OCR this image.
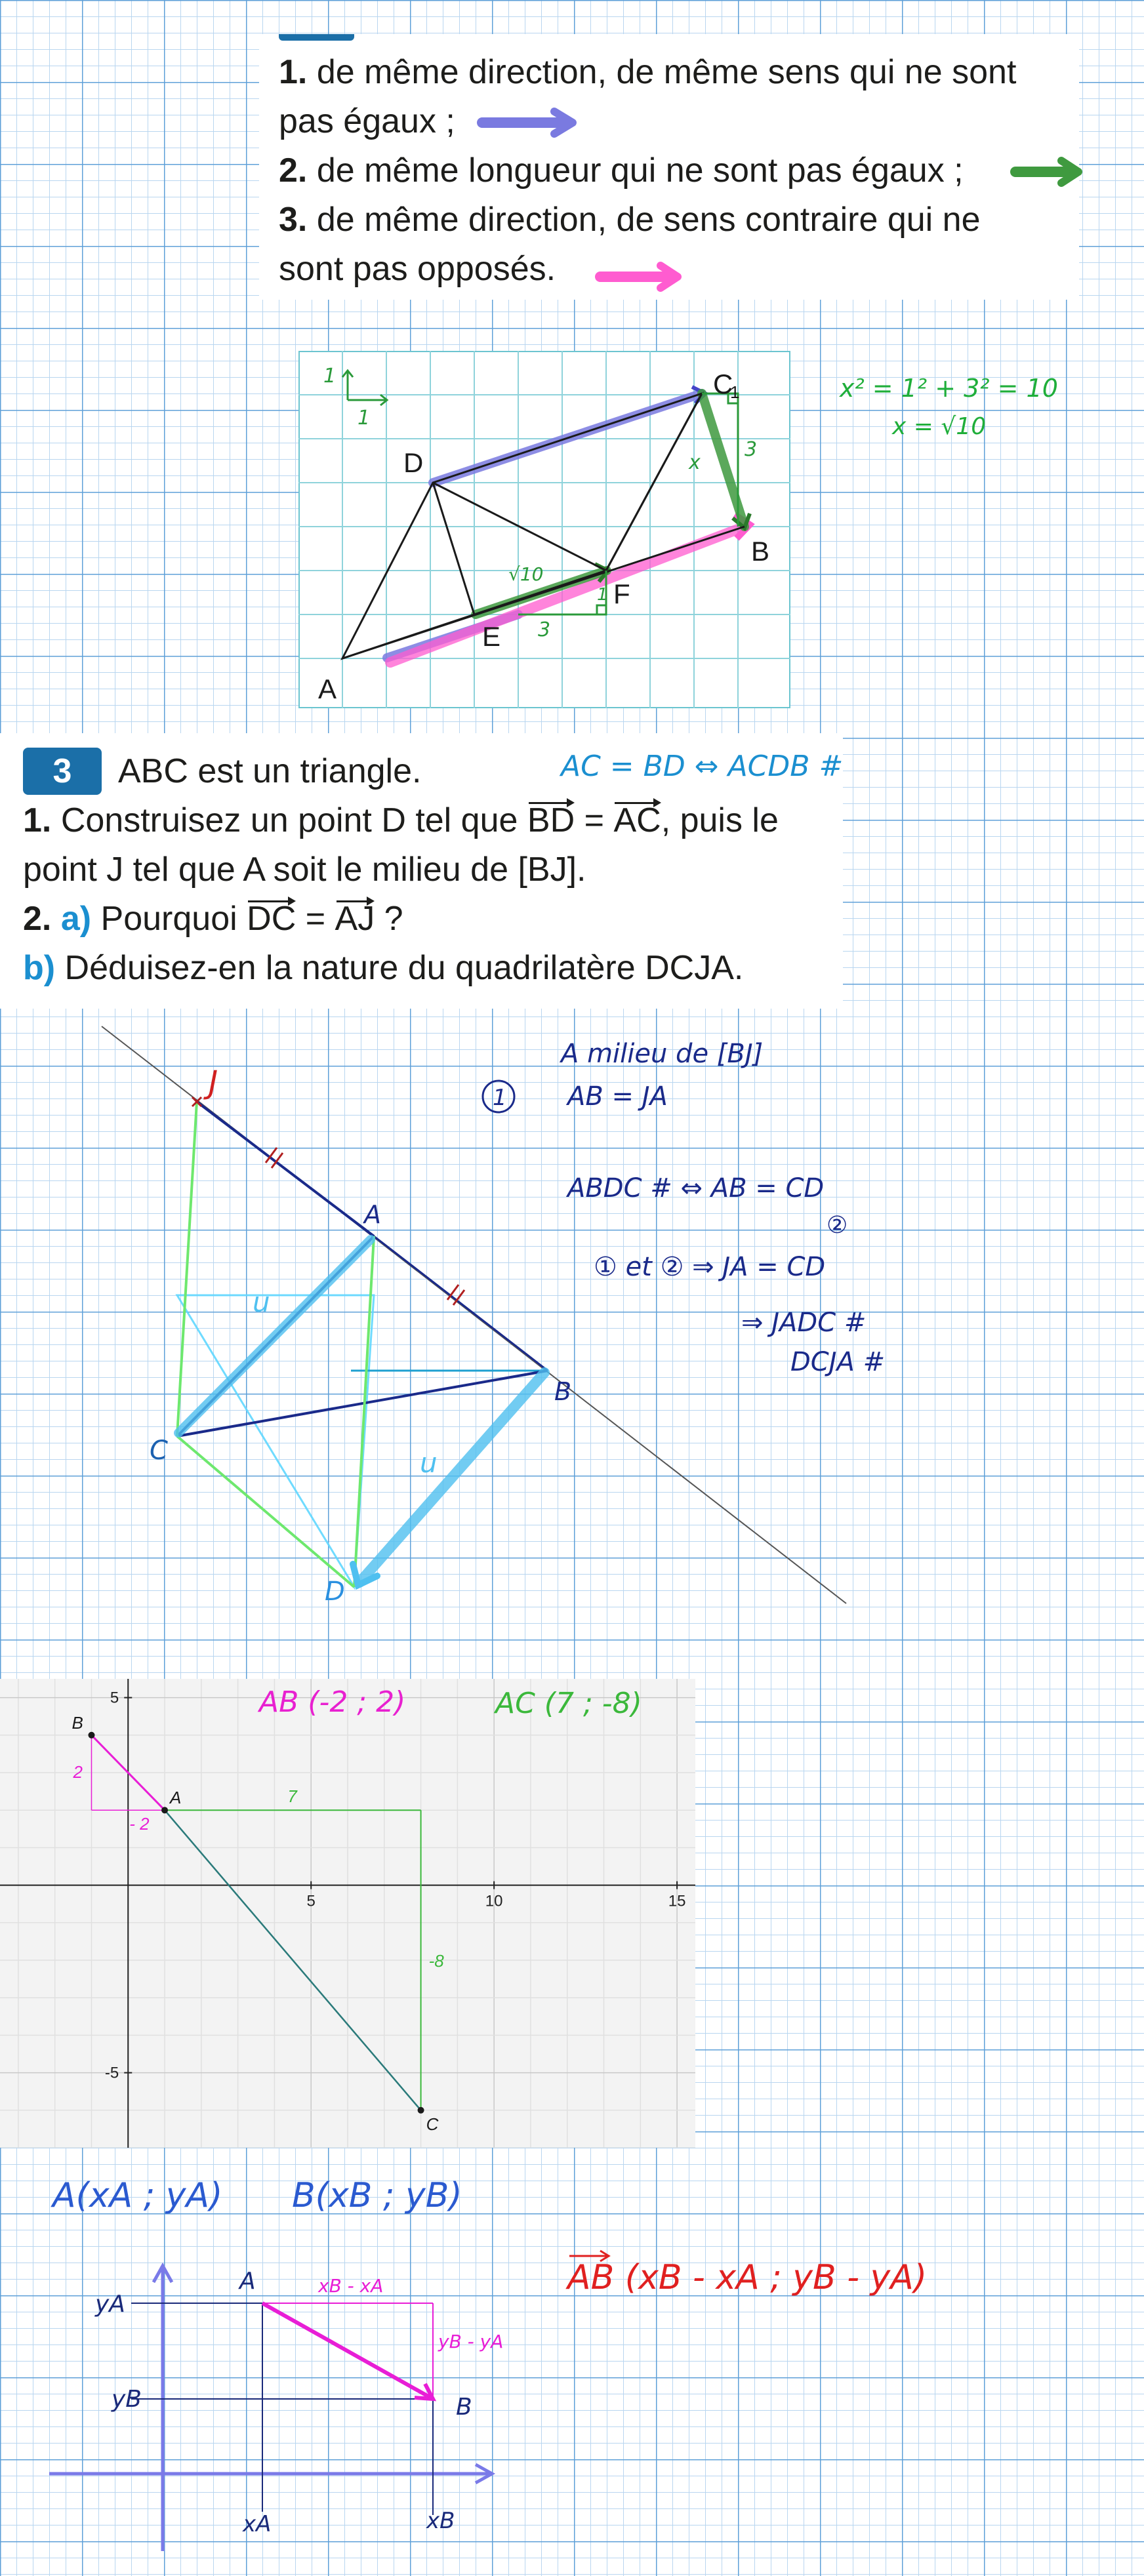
1. de même direction, de même sens qui ne sont
pas égaux ;
2. de même longueur qui ne sont pas égaux ;
3. de même direction, de sens contraire qui ne
sont pas opposés.
1
1
C
1
B
D
E
F
A
3
x
√10
1
3
x² = 1² + 3² = 10
x = √10
3	ABC est un triangle.	AC = BD ⇔ ACDB #
1. Construisez un point D tel que BD = AC, puis le
point J tel que A soit le milieu de [BJ].
2. a) Pourquoi DC = AJ ?
b) Déduisez-en la nature du quadrilatère DCJA.
J
A
B
C
D
u
u
1
A milieu de [BJ]
AB = JA
ABDC # ⇔ AB = CD
②
① et ② ⇒ JA = CD
⇒ JADC #
DCJA #
5	10	15
5
-5
- 2
2
7
-8
B
A
C
AB (-2 ; 2)	AC (7 ; -8)
A(xA ; yA) B(xB ; yB)
A
B
yA
yB
xA	xB
xB - xA
yB - yA
AB (xB - xA ; yB - yA)
